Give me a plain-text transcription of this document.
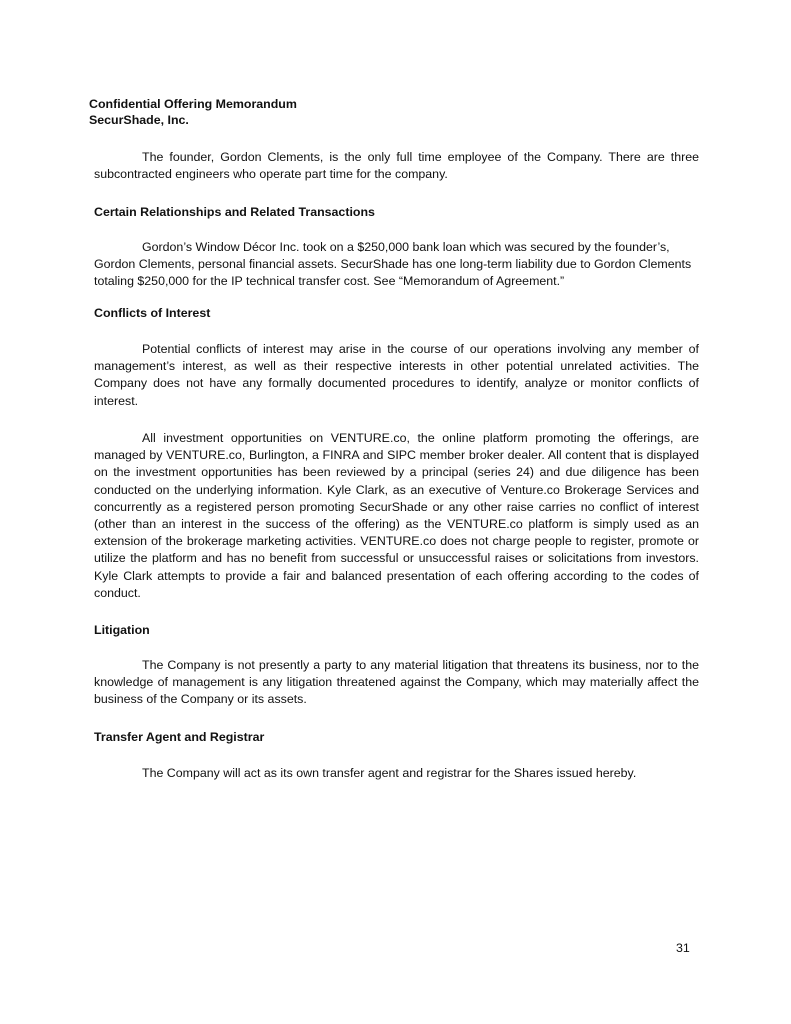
Confidential Offering Memorandum
SecurShade, Inc.

The founder, Gordon Clements, is the only full time employee of the Company. There are three subcontracted engineers who operate part time for the company.

Certain Relationships and Related Transactions

Gordon’s Window Décor Inc. took on a $250,000 bank loan which was secured by the founder’s, Gordon Clements, personal financial assets. SecurShade has one long-term liability due to Gordon Clements totaling $250,000 for the IP technical transfer cost. See “Memorandum of Agreement.”

Conflicts of Interest

Potential conflicts of interest may arise in the course of our operations involving any member of management’s interest, as well as their respective interests in other potential unrelated activities. The Company does not have any formally documented procedures to identify, analyze or monitor conflicts of interest.

All investment opportunities on VENTURE.co, the online platform promoting the offerings, are managed by VENTURE.co, Burlington, a FINRA and SIPC member broker dealer. All content that is displayed on the investment opportunities has been reviewed by a principal (series 24) and due diligence has been conducted on the underlying information. Kyle Clark, as an executive of Venture.co Brokerage Services and concurrently as a registered person promoting SecurShade or any other raise carries no conflict of interest (other than an interest in the success of the offering) as the VENTURE.co platform is simply used as an extension of the brokerage marketing activities. VENTURE.co does not charge people to register, promote or utilize the platform and has no benefit from successful or unsuccessful raises or solicitations from investors. Kyle Clark attempts to provide a fair and balanced presentation of each offering according to the codes of conduct.

Litigation

The Company is not presently a party to any material litigation that threatens its business, nor to the knowledge of management is any litigation threatened against the Company, which may materially affect the business of the Company or its assets.

Transfer Agent and Registrar

The Company will act as its own transfer agent and registrar for the Shares issued hereby.

31
